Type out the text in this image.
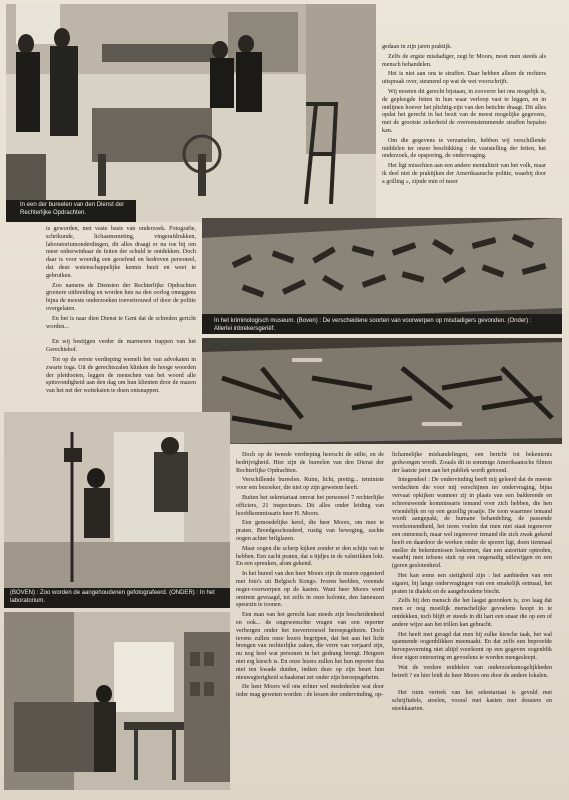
In een der bureelen van den Dienst der Rechterlijke Opdrachten.

gedaan in zijn jaren praktijk.

Zelfs de ergste misdadiger, zegt hr Moors, moet men steeds als mensch behandelen.

Het is niet aan ons te straffen. Daar hebben alleen de rechters uitspraak over, steunend op wat de wet voorschrijft.

Wij moeten dit gerecht bijstaan, in zooverre het ons mogelijk is, de gepleegde feiten in hun waar verloop vast te leggen, en in ontlijnen hoever het plichtig-zijn van den betichte draagt. Dit alles opdat het gerecht in het bezit van de meest mogelijke gegevens, met de grootste zekerheid de overeenstemmende straffen bepalen kan.

Om die gegevens te verzamelen, hebben wij verschillende middelen ter onzer beschikking : de vaststelling der feiten, het onderzoek, de opsporing, de ondervraging.

Het ligt misschien aan een andere mentaliteit van het volk, maar ik deel niet de praktijken der Amerikaansche politie, waarbij door a grilling », zijnde min of meer

is geworden, met vaste basis van onderzoek. Fotografie, schrikunde, lichaamsmeting, vingerafdrukken, laboratoriumonderdingen, dit alles draagt er nu toe bij om meer onherwinbaar de feiten der schuld te ontdekken. Doch daar is voor woordig een geoefend en bedreven personeel, dat deze wetenschappelijke kennis bezit en weet te gebruiken.

Zoo namens de Diensten der Rechterlijke Opdrachten grootere uitbreiding en worden hen na den oorlog omeggens bijna de meeste onderzoeken toevertrouwd of door de politie overgelaten.

En het is naar dien Dienst te Gent dat de schreden gericht worden...

En wij bestijgen verder de marmeren trappen van het Gerechtshof.

Tot op de eerste verdieping wemelt het van advokaten in zwarte toga. Uit de gerechtszalen klinken de hooge woorden der pleidooien, leggen de menschen van het woord alle spitsvondigheid aan den dag om hun klienten door de mazen van het net der wetteksten te doen ontsnappen.

In het kriminologisch museum. (Boven) : De verscheidene soorten van voorwerpen op misdadigers gevonden. (Onder) : Allerlei inbrekersgeriëf.
(BOVEN) : Zoo worden de aangehoudenen gefotografeerd. (ONDER) : In het laboratorium.

Doch op de tweede verdieping heerscht de stilte, en de bedrijvigheid. Hier zijn de bureelen van den Dienst der Rechterlijke Opdrachten.

Verschillende bureelen. Ruim, licht, prettig... teministe voor een bezoeker, die niet op zijn gewetem heeft.

Buiten het sekretariaat omvat het personeel 7 rechterlijke officiers, 21 inspecteurs. Dit alles onder leiding van hoofdkommissaris heer H. Moors.

Een gemoedelijke kerel, die heer Moors, om mee te praten. Breedgeschouderd, rustig van beweging, zachte oogen achter brilglazen.

Maar oogen die scherp kijken zonder er den schijn van te hebben. Een zacht praten, dat u tijdjes in de valstrikken lokt. En een spreuken, alom gekend.

In het bureel van den heer Moors zijn de muren opgesierd met foto's uit Belgisch Kongo. Ivoren beelden, vreemde neger-voorwerpen op de kasten. Want heer Moors werd omtrent gevraagd, tot zelfs in onze kolonie, den fameuzen speurzin te toonen.

Een man van het gerecht kan steeds zijn bescheidenheid en ook... de ongewenschte vragen van een reporter verbergen onder het toevertrouwd beroepsgeheim. Doch tevens zullen onze lezers begrijpen, dat het aan het licht brengen van rechterlijke zaken, die verre van verjaard zijn, nu nog heel wat personen in het gedrang brengt. Hetgeen niet erg kiesch is. En onze lezers zullen het hun reporter dus niet ten kwade duiden, indien deze op zijn beurt hun nieuwsgierigheid schaakmat zet onder zijn beroepsgeheim.

De heer Moors wil ons echter wel mededeelen wat door ieder mag geweten worden : de lessen der ondervinding, op-

lichamelijke mishandelingen, een bericht tot bekentenis gedwongen wordt. Zouals dit in sommige Amerikaansche filmen der laatste jaren aan het publiek wordt getoond.

Integendeel : De ondervinding heeft mij geleerd dat de meeste verdachten die voor mij verschijnen ter ondervraging, bijna vervaat opkijken wanneer zij in plaats van een balderende en schreeuwende kommissaris iemand voor zich hebben, die hen vriendelijk en op een gezellig praatje. De toon waarmee iemand wordt aangepakt, de humane behandeling, de passende voorkomendheid, het ieren voelen dat men niet staat tegenover een onmensch, maar wel tegenover iemand die zich zwak gekend heeft en daardoor de werken onder de sporen ligt, doen tienmaal sneller de bekentenissen loskomen, dan een autoritair optreden, waarbij men iefsens stuit op een ongenadig stilzwijgen en een (geren geslotenheid.

Het kan soms een sietigheid zijn : het aanbieden van een sigaret, bij lange ondervragingen van een smakelijk eetmaal, het praten in dialekt en de aangehoudene biecht.

Zelfs bij den mensch die het laagst gezonken is, zoo laag dat men er nog moeilijk menschelijke gevoelens hoopt in te ontdekken, toch blijft er steeds in dit hart een snaar die op een of andere wijze aan het trillen kan gebracht.

Het heeft met geragd dat men bij zulke kiesche taak, het wal spannende oogenblikken meemaakt. En dat zelfs een beproefde beroepsvorming niet altijd voorkomt op een gegeven oogenblik door eigen ontroering en gevoelens te worden meegesleept.

Wat de verdere middelen van onderzoeksmogelijkheden betreft ? en hier leidt de heer Moors ons door de andere lokalen.

Het ruim vertrek van het sekretariaat is gevuld met schrijftafels, stoelen, vooral met kasten met dossiers en steekkaarten.
